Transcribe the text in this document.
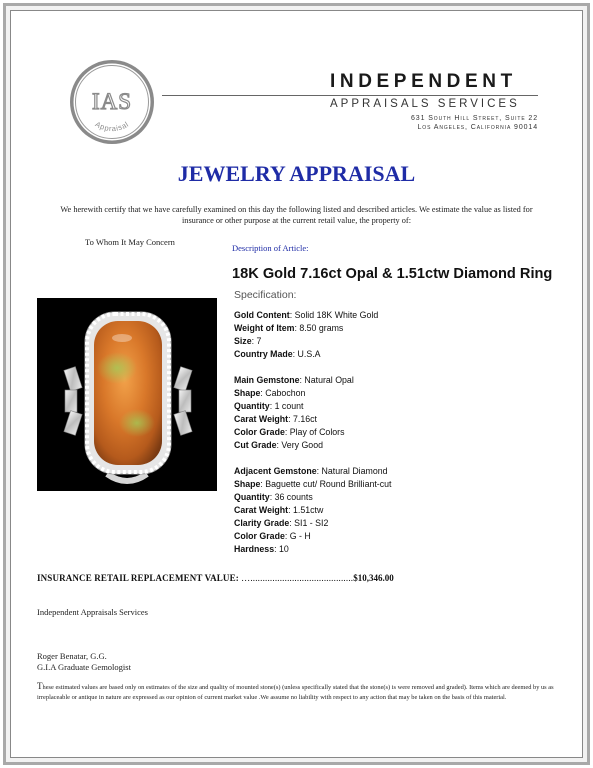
IAS
Appraisal
INDEPENDENT
APPRAISALS SERVICES
631 South Hill Street, Suite 22
Los Angeles, California 90014
JEWELRY APPRAISAL
We herewith certify that we have carefully examined on this day the following listed and described articles. We estimate the value as listed for insurance or other purpose at the current retail value, the property of:
To Whom It May Concern
Description of Article:
18K Gold 7.16ct Opal & 1.51ctw Diamond Ring
Specification:
Gold Content: Solid 18K White Gold
Weight of Item: 8.50 grams
Size: 7
Country Made: U.S.A
Main Gemstone: Natural Opal
Shape: Cabochon
Quantity: 1 count
Carat Weight: 7.16ct
Color Grade: Play of Colors
Cut Grade: Very Good
Adjacent Gemstone: Natural Diamond
Shape: Baguette cut/ Round Brilliant-cut
Quantity: 36 counts
Carat Weight: 1.51ctw
Clarity Grade: SI1 - SI2
Color Grade: G - H
Hardness: 10
INSURANCE RETAIL REPLACEMENT VALUE: …..........................................$10,346.00
Independent Appraisals Services
Roger Benatar, G.G.
G.I.A Graduate Gemologist
These estimated values are based only on estimates of the size and quality of mounted stone(s) (unless specifically stated that the stone(s) is were removed and graded). Items which are deemed by us as irreplaceable or antique in nature are expressed as our opinion of current market value .We assume no liability with respect to any action that may be taken on the basis of this material.
